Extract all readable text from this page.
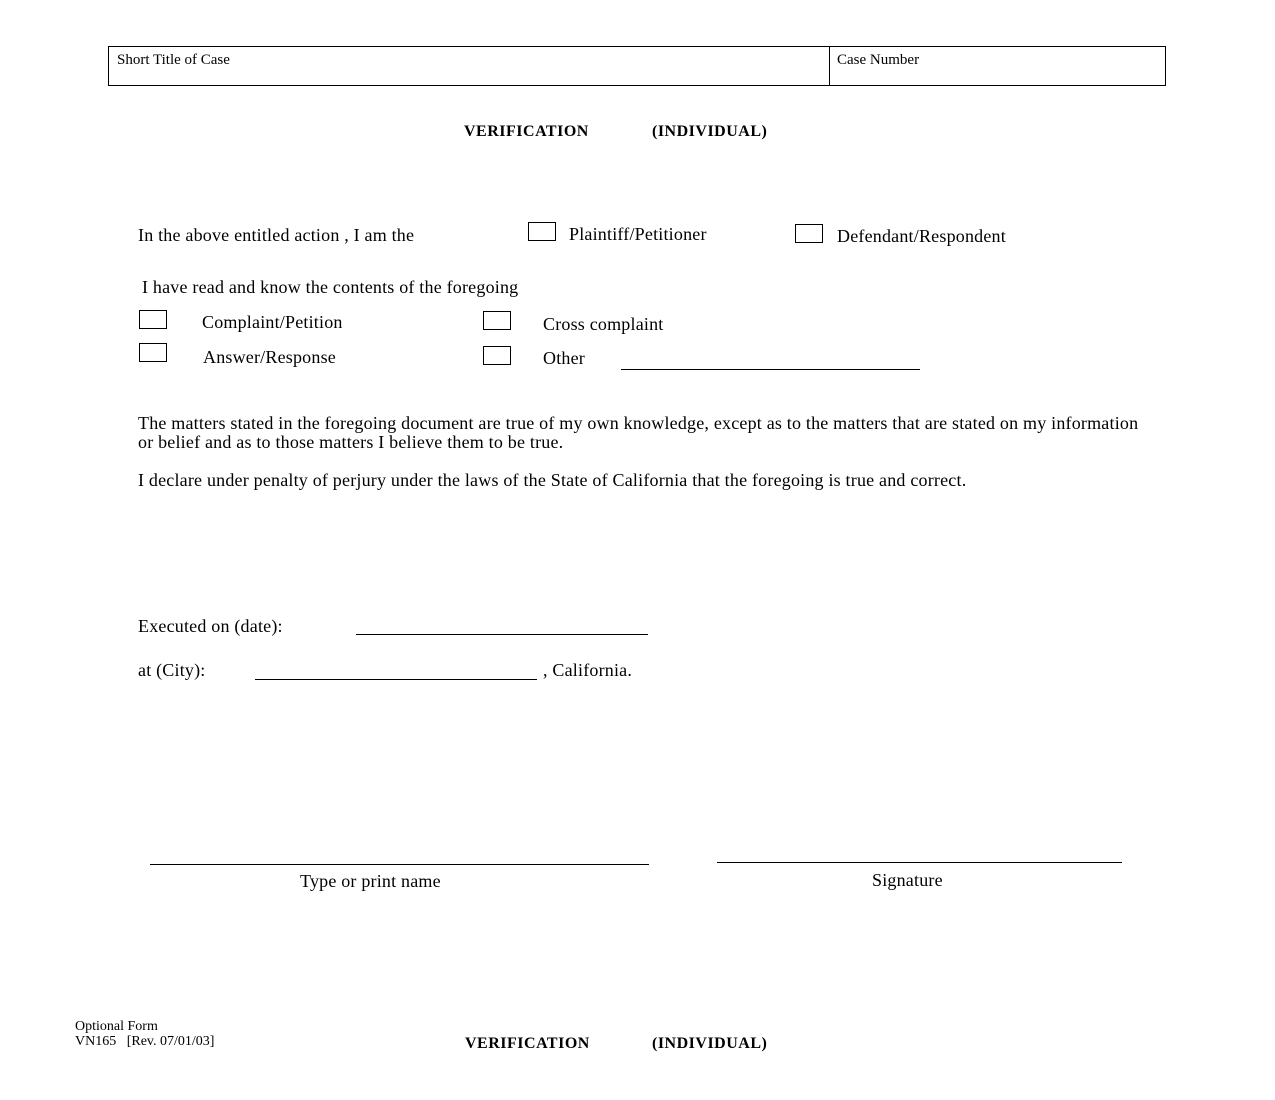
Short Title of Case	Case Number
VERIFICATION	(INDIVIDUAL)
In the above entitled action , I am the	Plaintiff/Petitioner	Defendant/Respondent
I have read and know the contents of the foregoing
Complaint/Petition	Cross complaint
Answer/Response	Other
The matters stated in the foregoing document are true of my own knowledge, except as to the matters that are stated on my information or belief and as to those matters I believe them to be true.
I declare under penalty of perjury under the laws of the State of California that the foregoing is true and correct.
Executed on (date):
at (City):	, California.
Type or print name	Signature
Optional Form
VN165   [Rev. 07/01/03]	VERIFICATION	(INDIVIDUAL)
